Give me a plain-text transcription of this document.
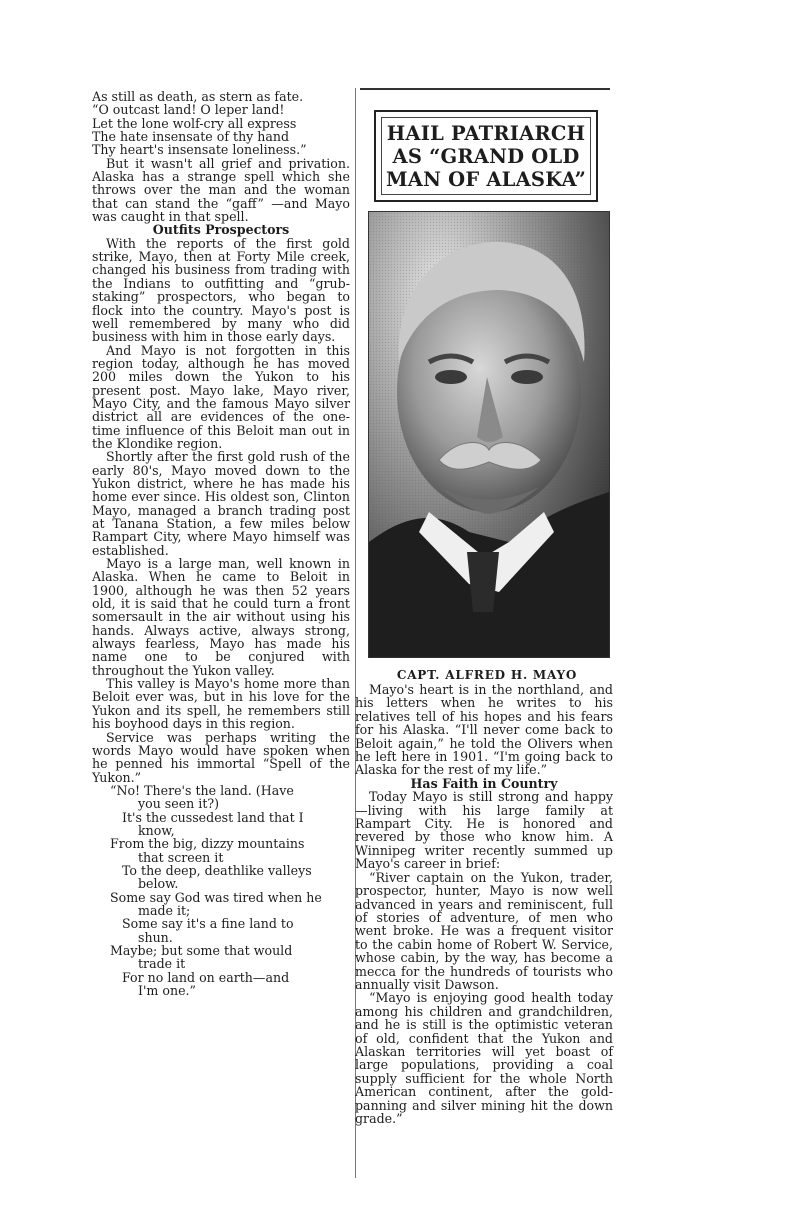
As still as death, as stern as fate.
“O outcast land! O leper land!
Let the lone wolf-cry all express
The hate insensate of thy hand
Thy heart's insensate loneliness.”

But it wasn't all grief and privation. Alaska has a strange spell which she throws over the man and the woman that can stand the “gaff” —and Mayo was caught in that spell.

Outfits Prospectors

With the reports of the first gold strike, Mayo, then at Forty Mile creek, changed his business from trading with the Indians to outfitting and “grub-staking” prospectors, who began to flock into the country. Mayo's post is well remembered by many who did business with him in those early days.

And Mayo is not forgotten in this region today, although he has moved 200 miles down the Yukon to his present post. Mayo lake, Mayo river, Mayo City, and the famous Mayo silver district all are evidences of the one-time influence of this Beloit man out in the Klondike region.

Shortly after the first gold rush of the early 80's, Mayo moved down to the Yukon district, where he has made his home ever since. His oldest son, Clinton Mayo, managed a branch trading post at Tanana Station, a few miles below Rampart City, where Mayo himself was established.

Mayo is a large man, well known in Alaska. When he came to Beloit in 1900, although he was then 52 years old, it is said that he could turn a front somersault in the air without using his hands. Always active, always strong, always fearless, Mayo has made his name one to be conjured with throughout the Yukon valley.

This valley is Mayo's home more than Beloit ever was, but in his love for the Yukon and its spell, he remembers still his boyhood days in this region.

Service was perhaps writing the words Mayo would have spoken when he penned his immortal “Spell of the Yukon.”

“No! There's the land. (Have
you seen it?)
It's the cussedest land that I
know,
From the big, dizzy mountains
that screen it
To the deep, deathlike valleys
below.
Some say God was tired when he
made it;
Some say it's a fine land to
shun.
Maybe; but some that would
trade it
For no land on earth—and
I'm one.”
HAIL PATRIARCH
AS “GRAND OLD
MAN OF ALASKA”
CAPT. ALFRED H. MAYO

Mayo's heart is in the northland, and his letters when he writes to his relatives tell of his hopes and his fears for his Alaska. “I'll never come back to Beloit again,” he told the Olivers when he left here in 1901. “I'm going back to Alaska for the rest of my life.”

Has Faith in Country

Today Mayo is still strong and happy—living with his large family at Rampart City. He is honored and revered by those who know him. A Winnipeg writer recently summed up Mayo's career in brief:

“River captain on the Yukon, trader, prospector, hunter, Mayo is now well advanced in years and reminiscent, full of stories of adventure, of men who went broke. He was a frequent visitor to the cabin home of Robert W. Service, whose cabin, by the way, has become a mecca for the hundreds of tourists who annually visit Dawson.

“Mayo is enjoying good health today among his children and grandchildren, and he is still is the optimistic veteran of old, confident that the Yukon and Alaskan territories will yet boast of large populations, providing a coal supply sufficient for the whole North American continent, after the gold-panning and silver mining hit the down grade.”
